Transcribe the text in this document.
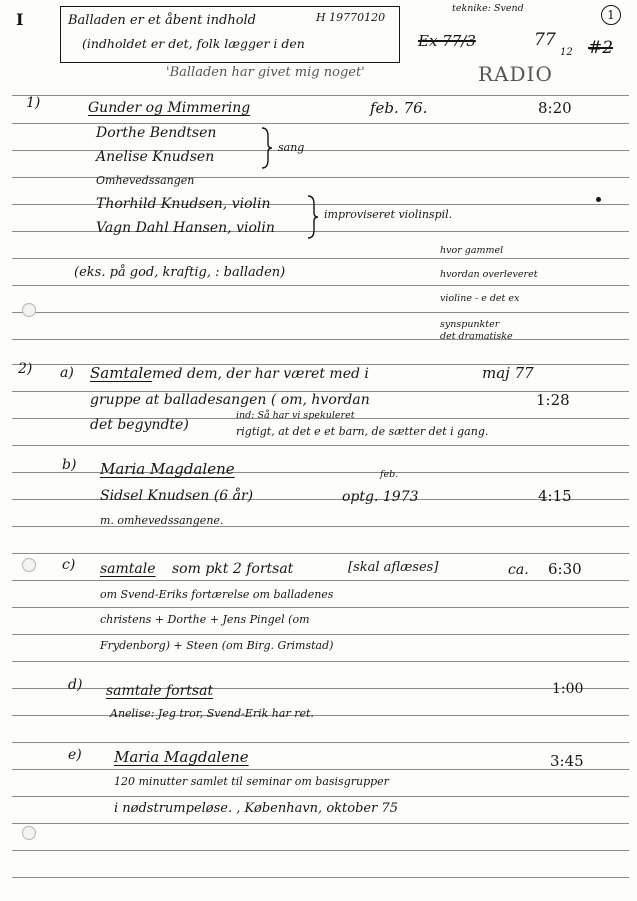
I	Balladen er et åbent indhold	H 19770120
(indholdet er det, folk lægger i den
teknike: Svend	1
Ex 77/3	77
12 #2
'Balladen har givet mig noget'	RADIO
1)	Gunder og Mimmering	feb. 76.	8:20
Dorthe Bendtsen
Anelise Knudsen
sang
Omhevedssangen
Thorhild Knudsen, violin
Vagn Dahl Hansen, violin
improviseret violinspil.
(eks. på god, kraftig, : balladen)
hvor gammel
hvordan overleveret
violine - e det ex
synspunkter
det dramatiske
2) a) Samtale med dem, der har været med i	maj 77
gruppe at balladesangen ( om, hvordan	1:28
det begyndte)
ind: Så har vi spekuleret
rigtigt, at det e et barn, de sætter det i gang.
b) Maria Magdalene
Sidsel Knudsen (6 år)
feb.
optg. 1973	4:15
m. omhevedssangene.
c) samtale som pkt 2 fortsat	[skal aflæses]	ca. 6:30
om Svend-Eriks fortærelse om balladenes
christens + Dorthe + Jens Pingel (om
Frydenborg) + Steen (om Birg. Grimstad)
d) samtale fortsat	1:00
Anelise: Jeg tror, Svend-Erik har ret.
e) Maria Magdalene	3:45
120 minutter samlet til seminar om basisgrupper
i nødstrumpeløse. , København, oktober 75
